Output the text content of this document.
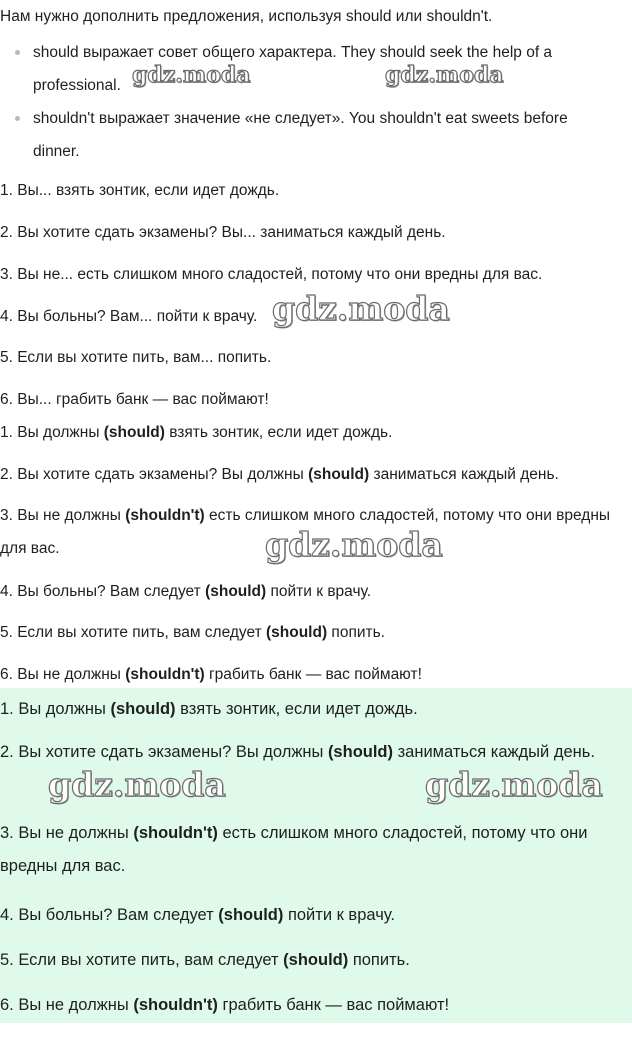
Нам нужно дополнить предложения, используя should или shouldn't.

should выражает совет общего характера. They should seek the help of a professional.
shouldn't выражает значение «не следует». You shouldn't eat sweets before dinner.

1. Вы... взять зонтик, если идет дождь.

2. Вы хотите сдать экзамены? Вы... заниматься каждый день.

3. Вы не... есть слишком много сладостей, потому что они вредны для вас.

4. Вы больны? Вам... пойти к врачу.

5. Если вы хотите пить, вам... попить.

6. Вы... грабить банк — вас поймают!

1. Вы должны (should) взять зонтик, если идет дождь.

2. Вы хотите сдать экзамены? Вы должны (should) заниматься каждый день.

3. Вы не должны (shouldn't) есть слишком много сладостей, потому что они вредны для вас.

4. Вы больны? Вам следует (should) пойти к врачу.

5. Если вы хотите пить, вам следует (should) попить.

6. Вы не должны (shouldn't) грабить банк — вас поймают!

1. Вы должны (should) взять зонтик, если идет дождь.

2. Вы хотите сдать экзамены? Вы должны (should) заниматься каждый день.

3. Вы не должны (shouldn't) есть слишком много сладостей, потому что они вредны для вас.

4. Вы больны? Вам следует (should) пойти к врачу.

5. Если вы хотите пить, вам следует (should) попить.

6. Вы не должны (shouldn't) грабить банк — вас поймают!

gdz.moda	gdz.moda
gdz.moda
gdz.moda
gdz.moda	gdz.moda
